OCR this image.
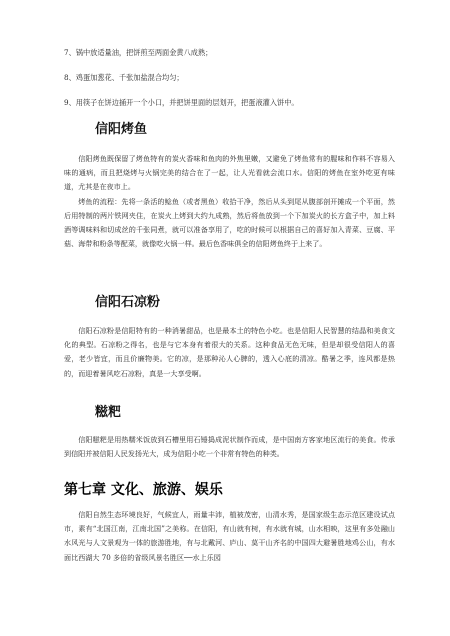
7、锅中放适量油，把饼煎至两面金黄八成熟；
8、鸡蛋加葱花、千张加盐混合均匀；
9、用筷子在饼边捅开一个小口，并把饼里面的层划开，把蛋液灌入饼中。
信阳烤鱼

信阳烤鱼既保留了烤鱼特有的炭火香味和鱼肉的外焦里嫩，又避免了烤鱼常有的腥味和作料不容易入味的通病，而且把烧烤与火锅完美的结合在了一起，让人光看就会流口水。信阳的烤鱼在室外吃更有味道，尤其是在夜市上。

烤鱼的流程：先将一条活的鲶鱼（或者黑鱼）收拾干净，然后从头到尾从腹部剖开摊成一个平面，然后用特制的两片铁网夹住，在炭火上烤到大约九成熟，然后将鱼放到一个下加炭火的长方盒子中，加上料酒等调味料和切成丝的千张同煮，就可以准备享用了，吃的时候可以根据自己的喜好加入青菜、豆腐、平菇、海带和粉条等配菜，就像吃火锅一样。最后色香味俱全的信阳烤鱼终于上来了。

信阳石凉粉

信阳石凉粉是信阳特有的一种消暑甜品，也是最本土的特色小吃。也是信阳人民智慧的结晶和美食文化的典型。石凉粉之得名，也是与它本身有着很大的关系。这种食品无色无味，但是却很受信阳人的喜爱，老少皆宜，而且价廉物美。它的凉，是那种沁人心脾的，透入心底的清凉。酷暑之季，连风都是热的，而迎着暑风吃石凉粉，真是一大享受啊。

糍粑

信阳糍粑是用热糯米饭放到石槽里用石锤捣成泥状制作而成，是中国南方客家地区流行的美食。传承到信阳并被信阳人民发扬光大，成为信阳小吃一个非常有特色的种类。

第七章 文化、旅游、娱乐

信阳自然生态环境良好，气候宜人，雨量丰沛，植被茂密，山清水秀，是国家级生态示范区建设试点市，素有“北国江南，江南北国”之美称。在信阳，有山就有树，有水就有城，山水相映，这里有多处融山水风光与人文景观为一体的旅游胜地，有与北戴河、庐山、莫干山齐名的中国四大避暑胜地鸡公山，有水面比西湖大 70 多倍的省级风景名胜区──水上乐园
